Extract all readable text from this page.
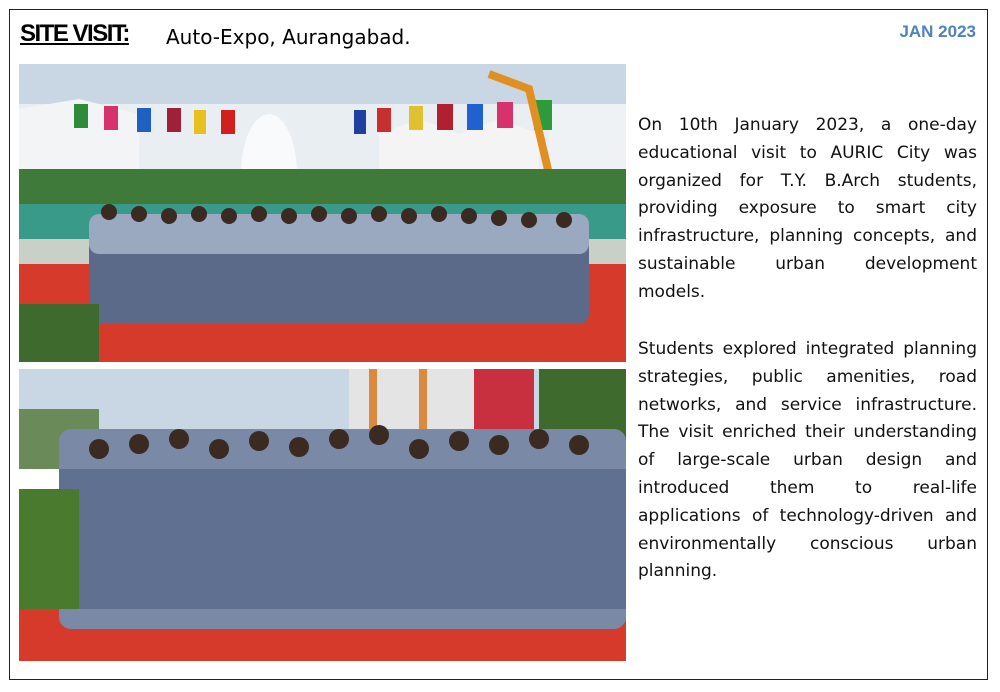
SITE VISIT: Auto-Expo, Aurangabad.	JAN 2023
On 10th January 2023, a one-day educational visit to AURIC City was organized for T.Y. B.Arch students, providing exposure to smart city infrastructure, planning concepts, and sustainable urban development models.
Students explored integrated planning strategies, public amenities, road networks, and service infrastructure. The visit enriched their understanding of large-scale urban design and introduced them to real-life applications of technology-driven and environmentally conscious urban planning.
